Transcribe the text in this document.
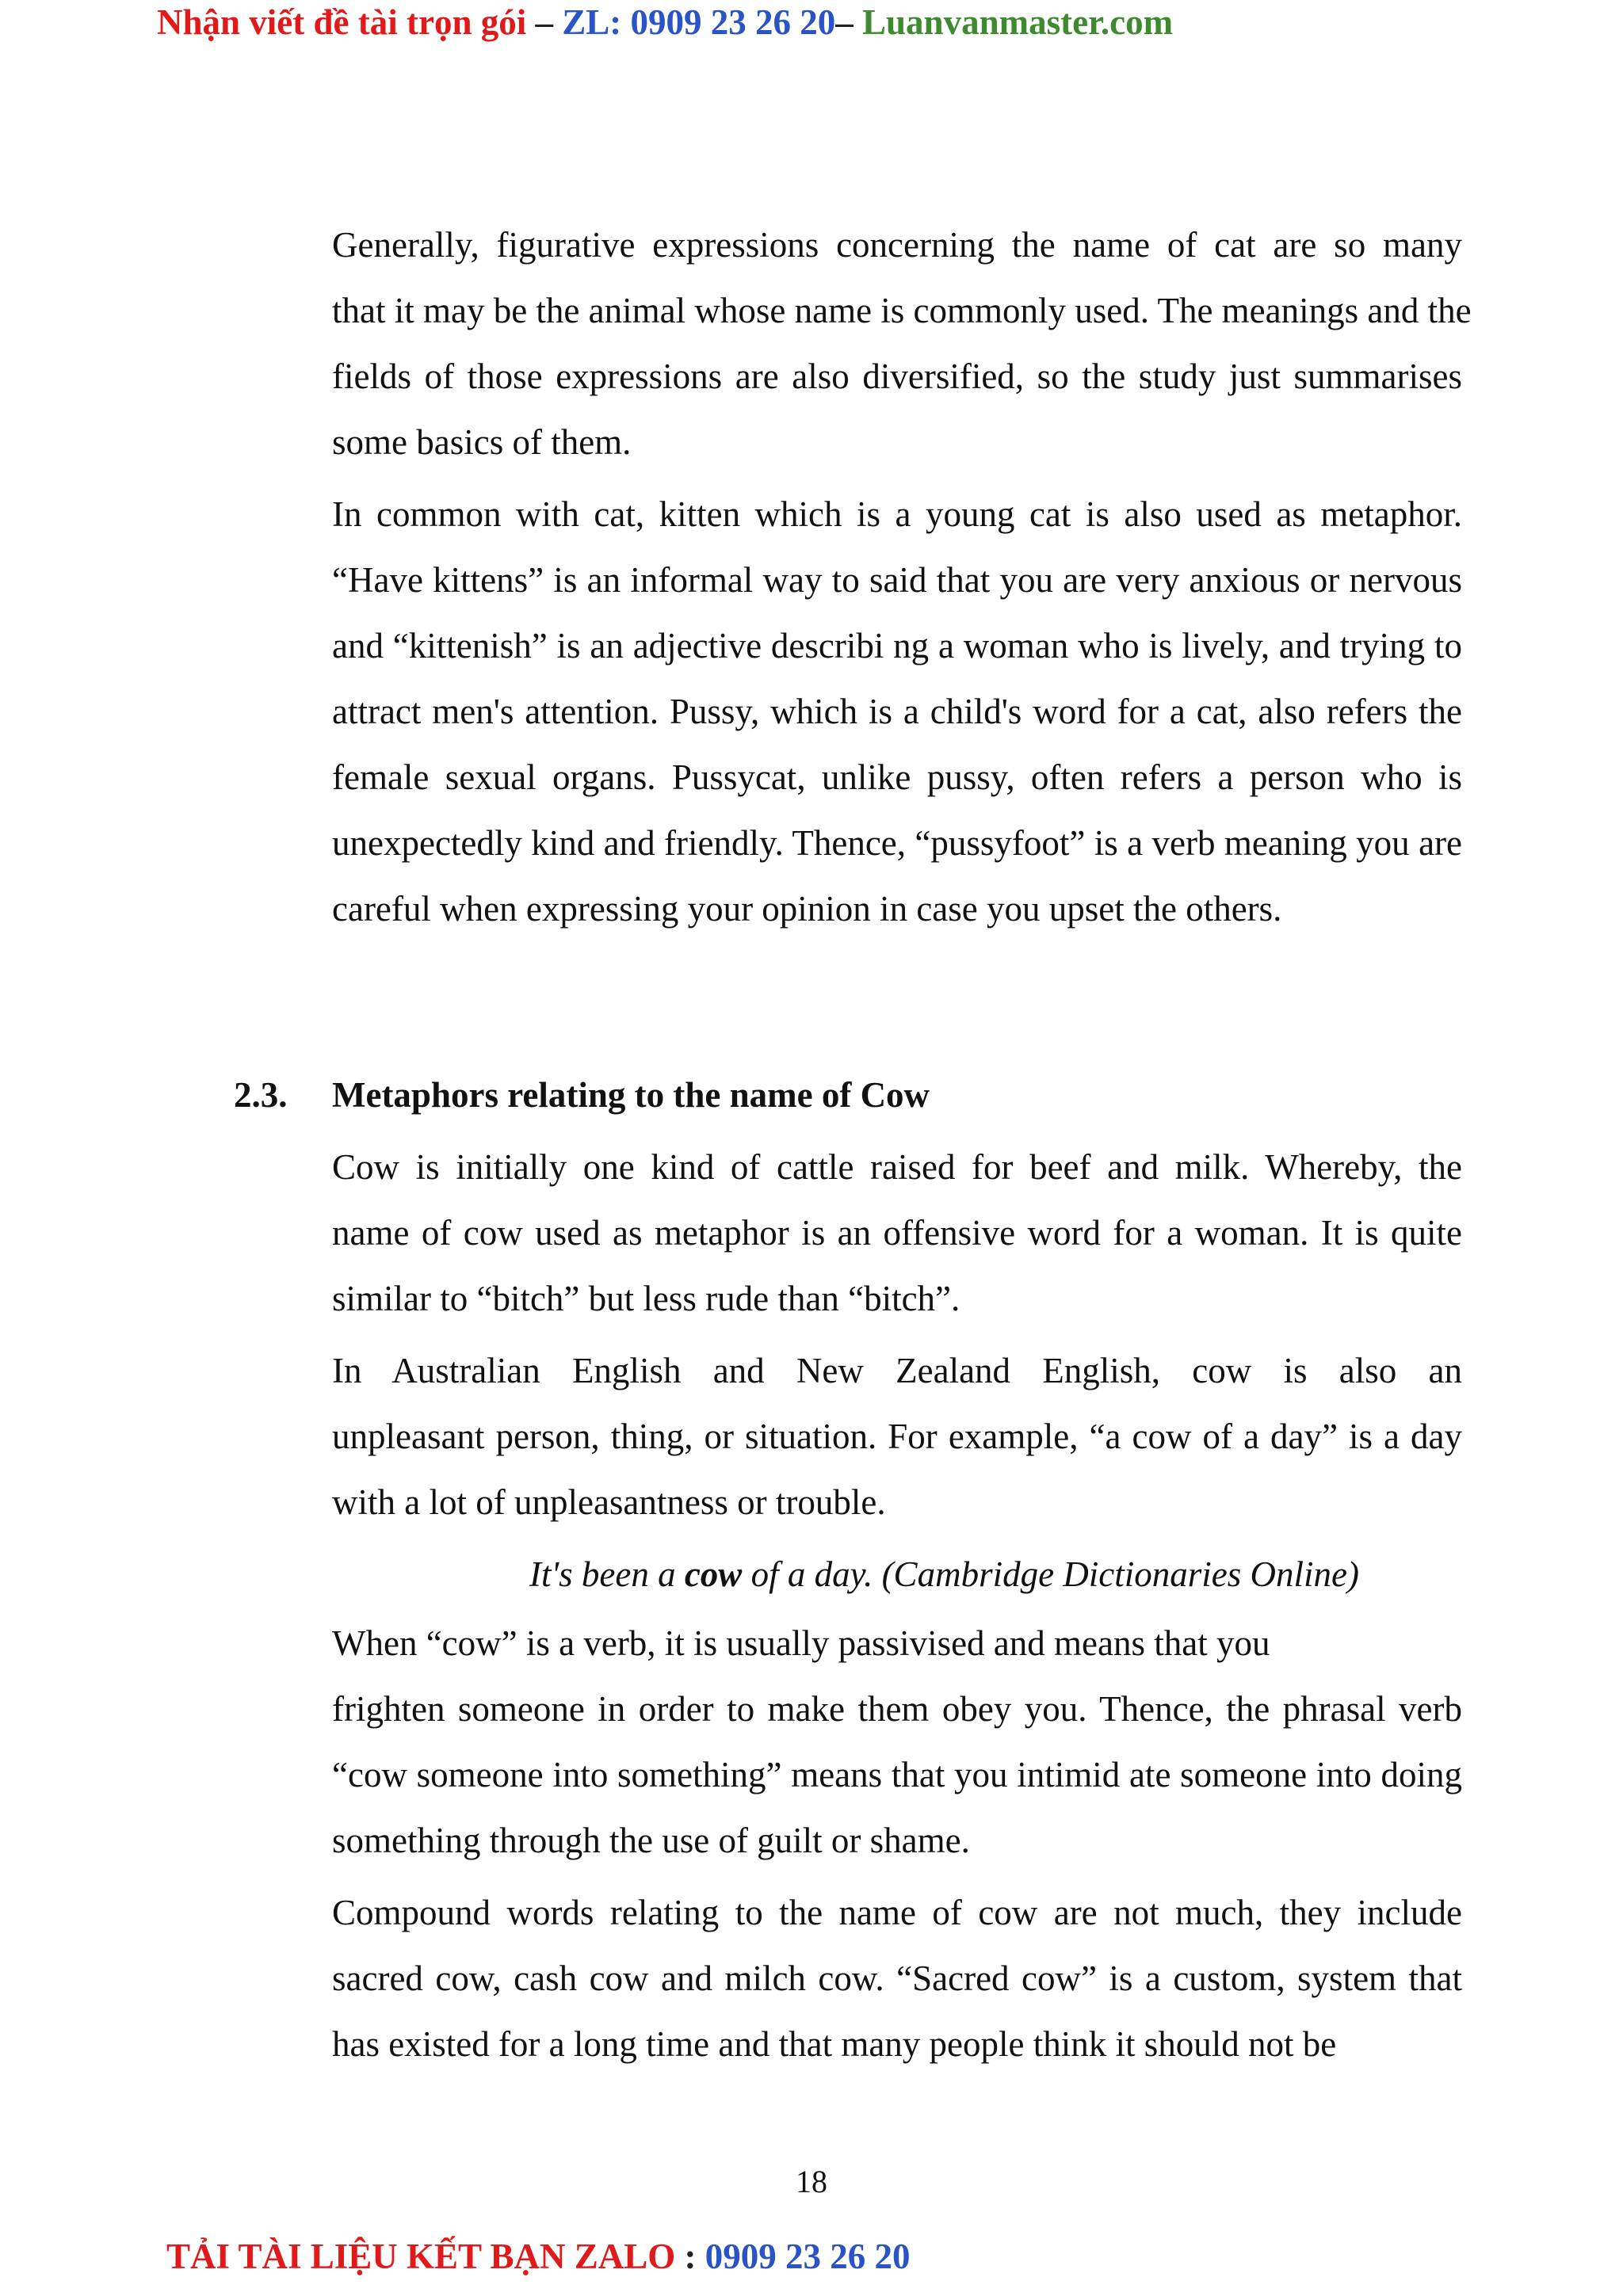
Nhận viết đề tài trọn gói – ZL: 0909 23 26 20– Luanvanmaster.com
Generally, figurative expressions concerning the name of cat are so many
that it may be the animal whose name is commonly used. The meanings and the
fields of those expressions are also diversified, so the study just summarises
some basics of them.
In common with cat, kitten which is a young cat is also used as metaphor.
“Have kittens” is an informal way to said that you are very anxious or nervous
and “kittenish” is an adjective describi ng a woman who is lively, and trying to
attract men's attention. Pussy, which is a child's word for a cat, also refers the
female sexual organs. Pussycat, unlike pussy, often refers a person who is
unexpectedly kind and friendly. Thence, “pussyfoot” is a verb meaning you are
careful when expressing your opinion in case you upset the others.
2.3. Metaphors relating to the name of Cow
Cow is initially one kind of cattle raised for beef and milk. Whereby, the
name of cow used as metaphor is an offensive word for a woman. It is quite
similar to “bitch” but less rude than “bitch”.
In Australian English and New Zealand English, cow is also an
unpleasant person, thing, or situation. For example, “a cow of a day” is a day
with a lot of unpleasantness or trouble.
It's been a cow of a day. (Cambridge Dictionaries Online)
When “cow” is a verb, it is usually passivised and means that you
frighten someone in order to make them obey you. Thence, the phrasal verb
“cow someone into something” means that you intimid ate someone into doing
something through the use of guilt or shame.
Compound words relating to the name of cow are not much, they include
sacred cow, cash cow and milch cow. “Sacred cow” is a custom, system that
has existed for a long time and that many people think it should not be
18
TẢI TÀI LIỆU KẾT BẠN ZALO : 0909 23 26 20
